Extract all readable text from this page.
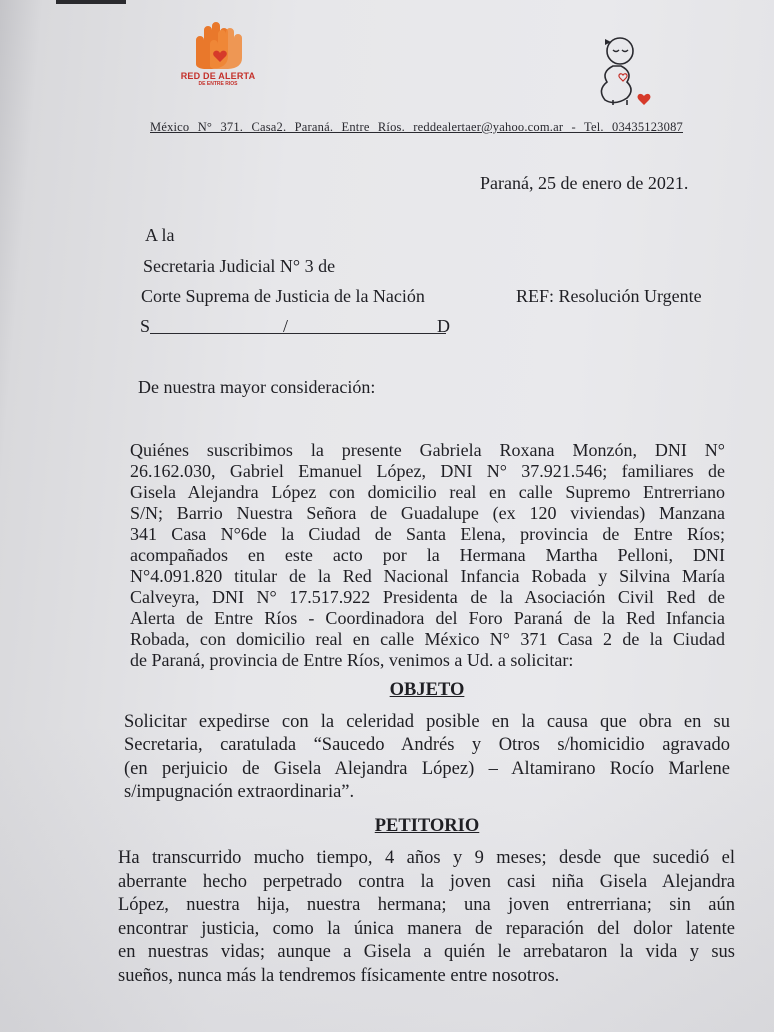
RED DE ALERTA
DE ENTRE RIOS
México N° 371. Casa2. Paraná. Entre Ríos. reddealertaer@yahoo.com.ar - Tel. 03435123087
Paraná, 25 de enero de 2021.
A la
Secretaria Judicial N° 3 de
Corte Suprema de Justicia de la Nación	REF: Resolución Urgente
S	/	D
De nuestra mayor consideración:
Quiénes suscribimos la presente Gabriela Roxana Monzón, DNI N°
26.162.030, Gabriel Emanuel López, DNI N° 37.921.546; familiares de
Gisela Alejandra López con domicilio real en calle Supremo Entrerriano
S/N; Barrio Nuestra Señora de Guadalupe (ex 120 viviendas) Manzana
341 Casa N°6de la Ciudad de Santa Elena, provincia de Entre Ríos;
acompañados en este acto por la Hermana Martha Pelloni, DNI
N°4.091.820 titular de la Red Nacional Infancia Robada y Silvina María
Calveyra, DNI N° 17.517.922 Presidenta de la Asociación Civil Red de
Alerta de Entre Ríos - Coordinadora del Foro Paraná de la Red Infancia
Robada, con domicilio real en calle México N° 371 Casa 2 de la Ciudad
de Paraná, provincia de Entre Ríos, venimos a Ud. a solicitar:
OBJETO
Solicitar expedirse con la celeridad posible en la causa que obra en su
Secretaria, caratulada “Saucedo Andrés y Otros s/homicidio agravado
(en perjuicio de Gisela Alejandra López) – Altamirano Rocío Marlene
s/impugnación extraordinaria”.
PETITORIO
Ha transcurrido mucho tiempo, 4 años y 9 meses; desde que sucedió el
aberrante hecho perpetrado contra la joven casi niña Gisela Alejandra
López, nuestra hija, nuestra hermana; una joven entrerriana; sin aún
encontrar justicia, como la única manera de reparación del dolor latente
en nuestras vidas; aunque a Gisela a quién le arrebataron la vida y sus
sueños, nunca más la tendremos físicamente entre nosotros.
